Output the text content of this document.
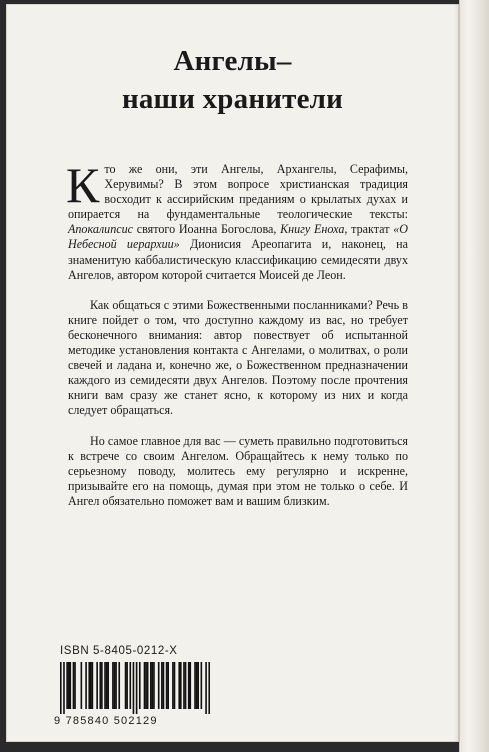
Ангелы–
наши хранители

Кто же они, эти Ангелы, Архангелы, Серафимы, Херувимы? В этом вопросе христианская традиция восходит к ассирийским преданиям о крылатых духах и опирается на фундаментальные теологические тексты: Апокалипсис святого Иоанна Богослова, Книгу Еноха, трактат «О Небесной иерархии» Дионисия Ареопагита и, наконец, на знаменитую каббалистическую классификацию семидесяти двух Ангелов, автором которой считается Моисей де Леон.

Как общаться с этими Божественными посланниками? Речь в книге пойдет о том, что доступно каждому из вас, но требует бесконечного внимания: автор повествует об испытанной методике установления контакта с Ангелами, о молитвах, о роли свечей и ладана и, конечно же, о Божественном предназначении каждого из семидесяти двух Ангелов. Поэтому после прочтения книги вам сразу же станет ясно, к которому из них и когда следует обращаться.

Но самое главное для вас — суметь правильно подготовиться к встрече со своим Ангелом. Обращайтесь к нему только по серьезному поводу, молитесь ему регулярно и искренне, призывайте его на помощь, думая при этом не только о себе. И Ангел обязательно поможет вам и вашим близким.

ISBN 5-8405-0212-X
9 785840 502129
